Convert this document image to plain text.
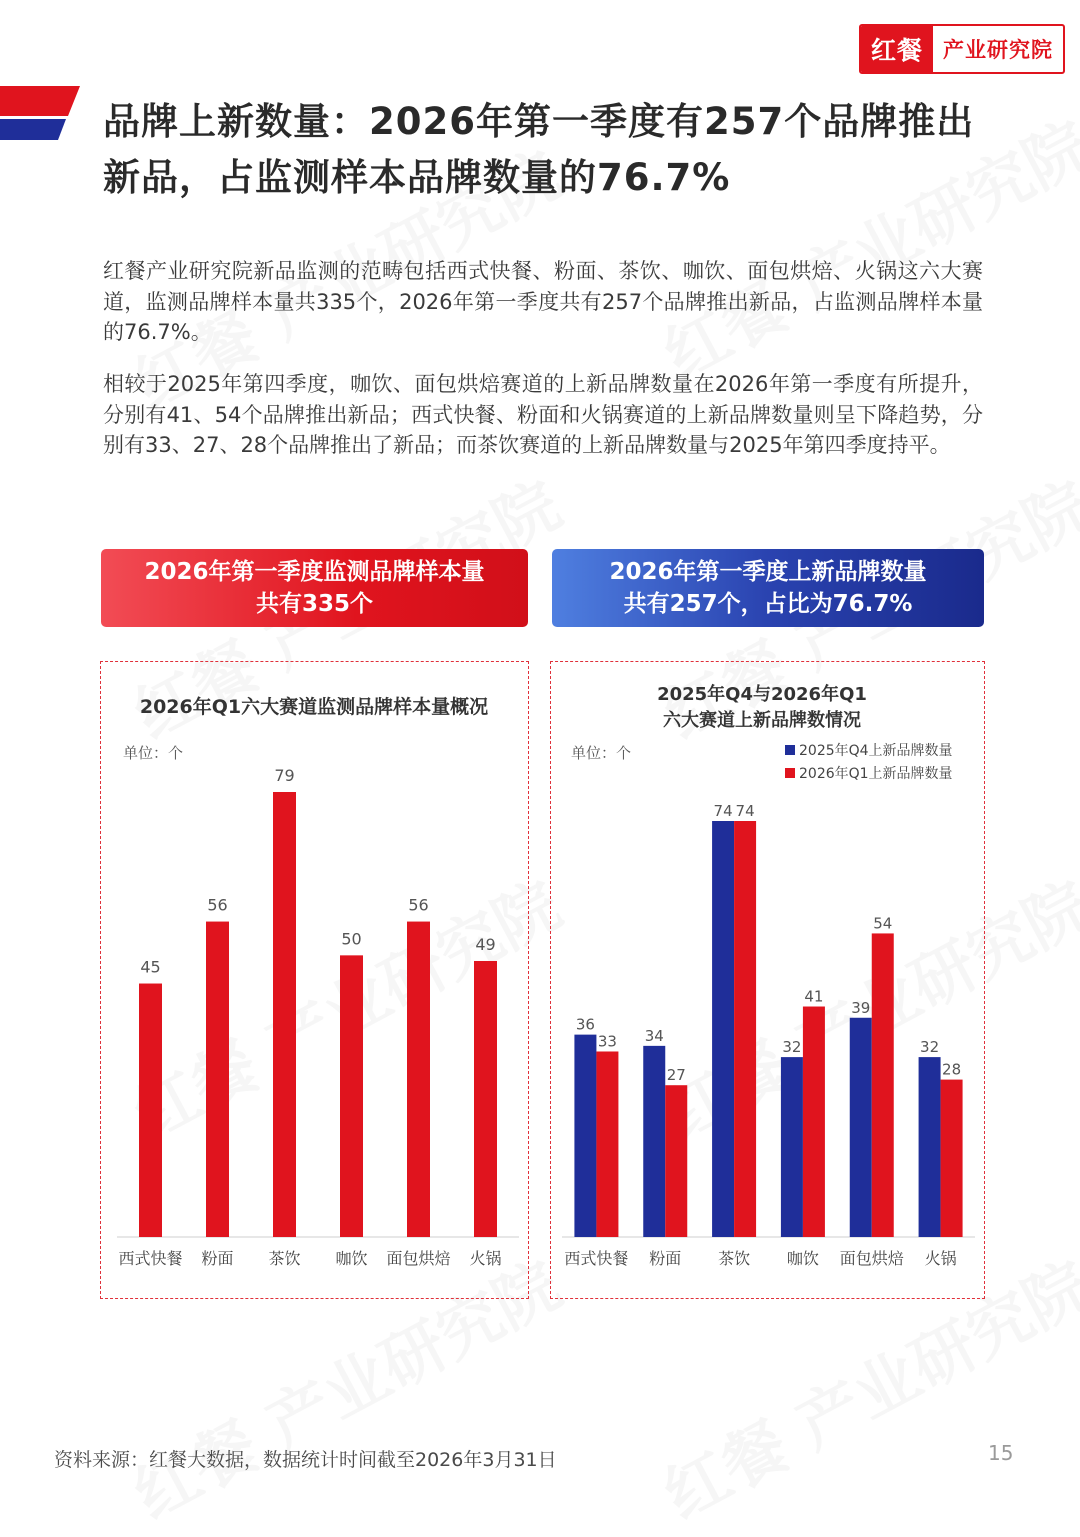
红餐 产业研究院
品牌上新数量：2026年第一季度有257个品牌推出新品，占监测样本品牌数量的76.7%

红餐产业研究院新品监测的范畴包括西式快餐、粉面、茶饮、咖饮、面包烘焙、火锅这六大赛道，监测品牌样本量共335个，2026年第一季度共有257个品牌推出新品，占监测品牌样本量的76.7%。

相较于2025年第四季度，咖饮、面包烘焙赛道的上新品牌数量在2026年第一季度有所提升，分别有41、54个品牌推出新品；西式快餐、粉面和火锅赛道的上新品牌数量则呈下降趋势，分别有33、27、28个品牌推出了新品；而茶饮赛道的上新品牌数量与2025年第四季度持平。

2026年第一季度监测品牌样本量
共有335个
2026年第一季度上新品牌数量
共有257个，占比为76.7%
2026年Q1六大赛道监测品牌样本量概况
单位：个
45
西式快餐
56
粉面
79
茶饮
50
咖饮
56
面包烘焙
49
火锅
2025年Q4与2026年Q1
六大赛道上新品牌数情况
单位：个	2025年Q4上新品牌数量
2026年Q1上新品牌数量
36
33
西式快餐
34
27
粉面
74 74
茶饮
32
41
咖饮
39
54
面包烘焙
32
28
火锅
资料来源：红餐大数据，数据统计时间截至2026年3月31日	15
